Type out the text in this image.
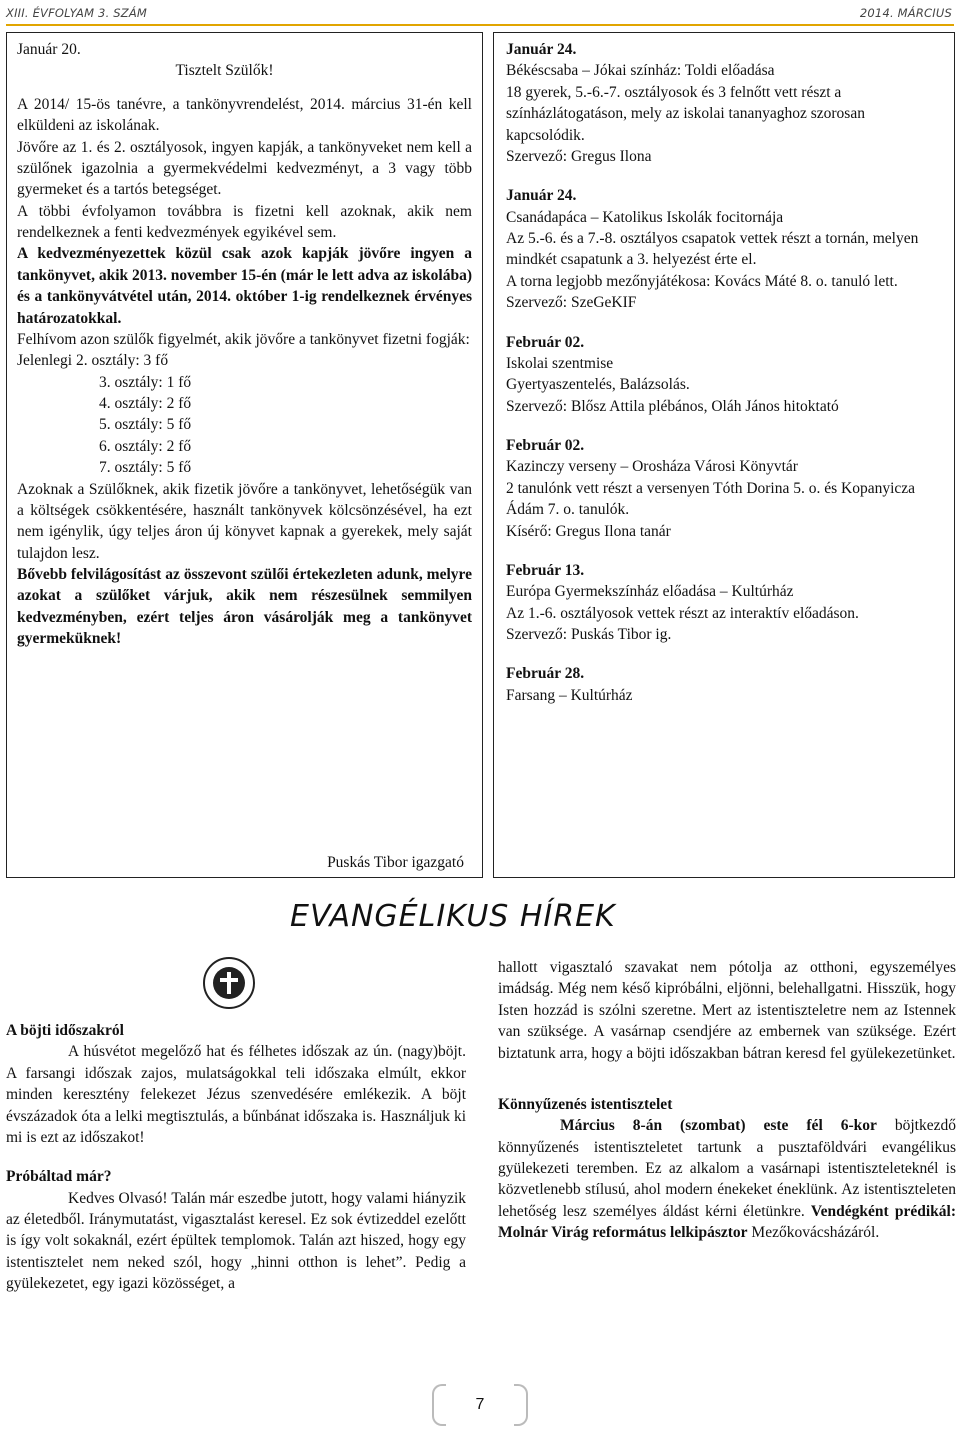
XIII. ÉVFOLYAM 3. SZÁM	2014. MÁRCIUS
Január 20.
Tisztelt Szülők!
A 2014/ 15-ös tanévre, a tankönyvrendelést, 2014. március 31-én kell elküldeni az iskolának.
Jövőre az 1. és 2. osztályosok, ingyen kapják, a tankönyveket nem kell a szülőnek igazolnia a gyermekvédelmi kedvezményt, a 3 vagy több gyermeket és a tartós betegséget.
A többi évfolyamon továbbra is fizetni kell azoknak, akik nem rendelkeznek a fenti kedvezmények egyikével sem.
A kedvezményezettek közül csak azok kapják jövőre ingyen a tankönyvet, akik 2013. november 15-én (már le lett adva az iskolába) és a tankönyvátvétel után, 2014. október 1-ig rendelkeznek érvényes határozatokkal.
Felhívom azon szülők figyelmét, akik jövőre a tankönyvet fizetni fogják:
Jelenlegi 2. osztály: 3 fő
3. osztály: 1 fő
4. osztály: 2 fő
5. osztály: 5 fő
6. osztály: 2 fő
7. osztály: 5 fő
Azoknak a Szülőknek, akik fizetik jövőre a tankönyvet, lehetőségük van a költségek csökkentésére, használt tankönyvek kölcsönzésével, ha ezt nem igénylik, úgy teljes áron új könyvet kapnak a gyerekek, mely saját tulajdon lesz.
Bővebb felvilágosítást az összevont szülői értekezleten adunk, melyre azokat a szülőket várjuk, akik nem részesülnek semmilyen kedvezményben, ezért teljes áron vásárolják meg a tankönyvet gyermeküknek!
Puskás Tibor igazgató
Január 24.
Békéscsaba – Jókai színház: Toldi előadása
18 gyerek, 5.-6.-7. osztályosok és 3 felnőtt vett részt a színházlátogatáson, mely az iskolai tananyaghoz szorosan kapcsolódik.
Szervező: Gregus Ilona
Január 24.
Csanádapáca – Katolikus Iskolák focitornája
Az 5.-6. és a 7.-8. osztályos csapatok vettek részt a tornán, melyen mindkét csapatunk a 3. helyezést érte el.
A torna legjobb mezőnyjátékosa: Kovács Máté 8. o. tanuló lett.
Szervező: SzeGeKIF
Február 02.
Iskolai szentmise
Gyertyaszentelés, Balázsolás.
Szervező: Blősz Attila plébános, Oláh János hitoktató
Február 02.
Kazinczy verseny – Orosháza Városi Könyvtár
2 tanulónk vett részt a versenyen Tóth Dorina 5. o. és Kopanyicza Ádám 7. o. tanulók.
Kísérő: Gregus Ilona tanár
Február 13.
Európa Gyermekszínház előadása – Kultúrház
Az 1.-6. osztályosok vettek részt az interaktív előadáson.
Szervező: Puskás Tibor ig.
Február 28.
Farsang – Kultúrház
EVANGÉLIKUS HÍREK
A böjti időszakról
A húsvétot megelőző hat és félhetes időszak az ún. (nagy)böjt. A farsangi időszak zajos, mulatságokkal teli időszaka elmúlt, ekkor minden keresztény felekezet Jézus szenvedésére emlékezik. A böjt évszázadok óta a lelki megtisztulás, a bűnbánat időszaka is. Használjuk ki mi is ezt az időszakot!
Próbáltad már?
Kedves Olvasó! Talán már eszedbe jutott, hogy valami hiányzik az életedből. Iránymutatást, vigasztalást keresel. Ez sok évtizeddel ezelőtt is így volt sokaknál, ezért épültek templomok. Talán azt hiszed, hogy egy istentisztelet nem neked szól, hogy „hinni otthon is lehet”. Pedig a gyülekezetet, egy igazi közösséget, a
hallott vigasztaló szavakat nem pótolja az otthoni, egyszemélyes imádság. Még nem késő kipróbálni, eljönni, belehallgatni. Hisszük, hogy Isten hozzád is szólni szeretne. Mert az istentiszteletre nem az Istennek van szüksége. A vasárnap csendjére az embernek van szüksége. Ezért biztatunk arra, hogy a böjti időszakban bátran keresd fel gyülekezetünket.
Könnyűzenés istentisztelet
Március 8-án (szombat) este fél 6-kor böjtkezdő könnyűzenés istentiszteletet tartunk a pusztaföldvári evangélikus gyülekezeti teremben. Ez az alkalom a vasárnapi istentiszteleteknél is közvetlenebb stílusú, ahol modern énekeket éneklünk. Az istentiszteleten lehetőség lesz személyes áldást kérni életünkre. Vendégként prédikál: Molnár Virág református lelkipásztor Mezőkovácsházáról.
7
